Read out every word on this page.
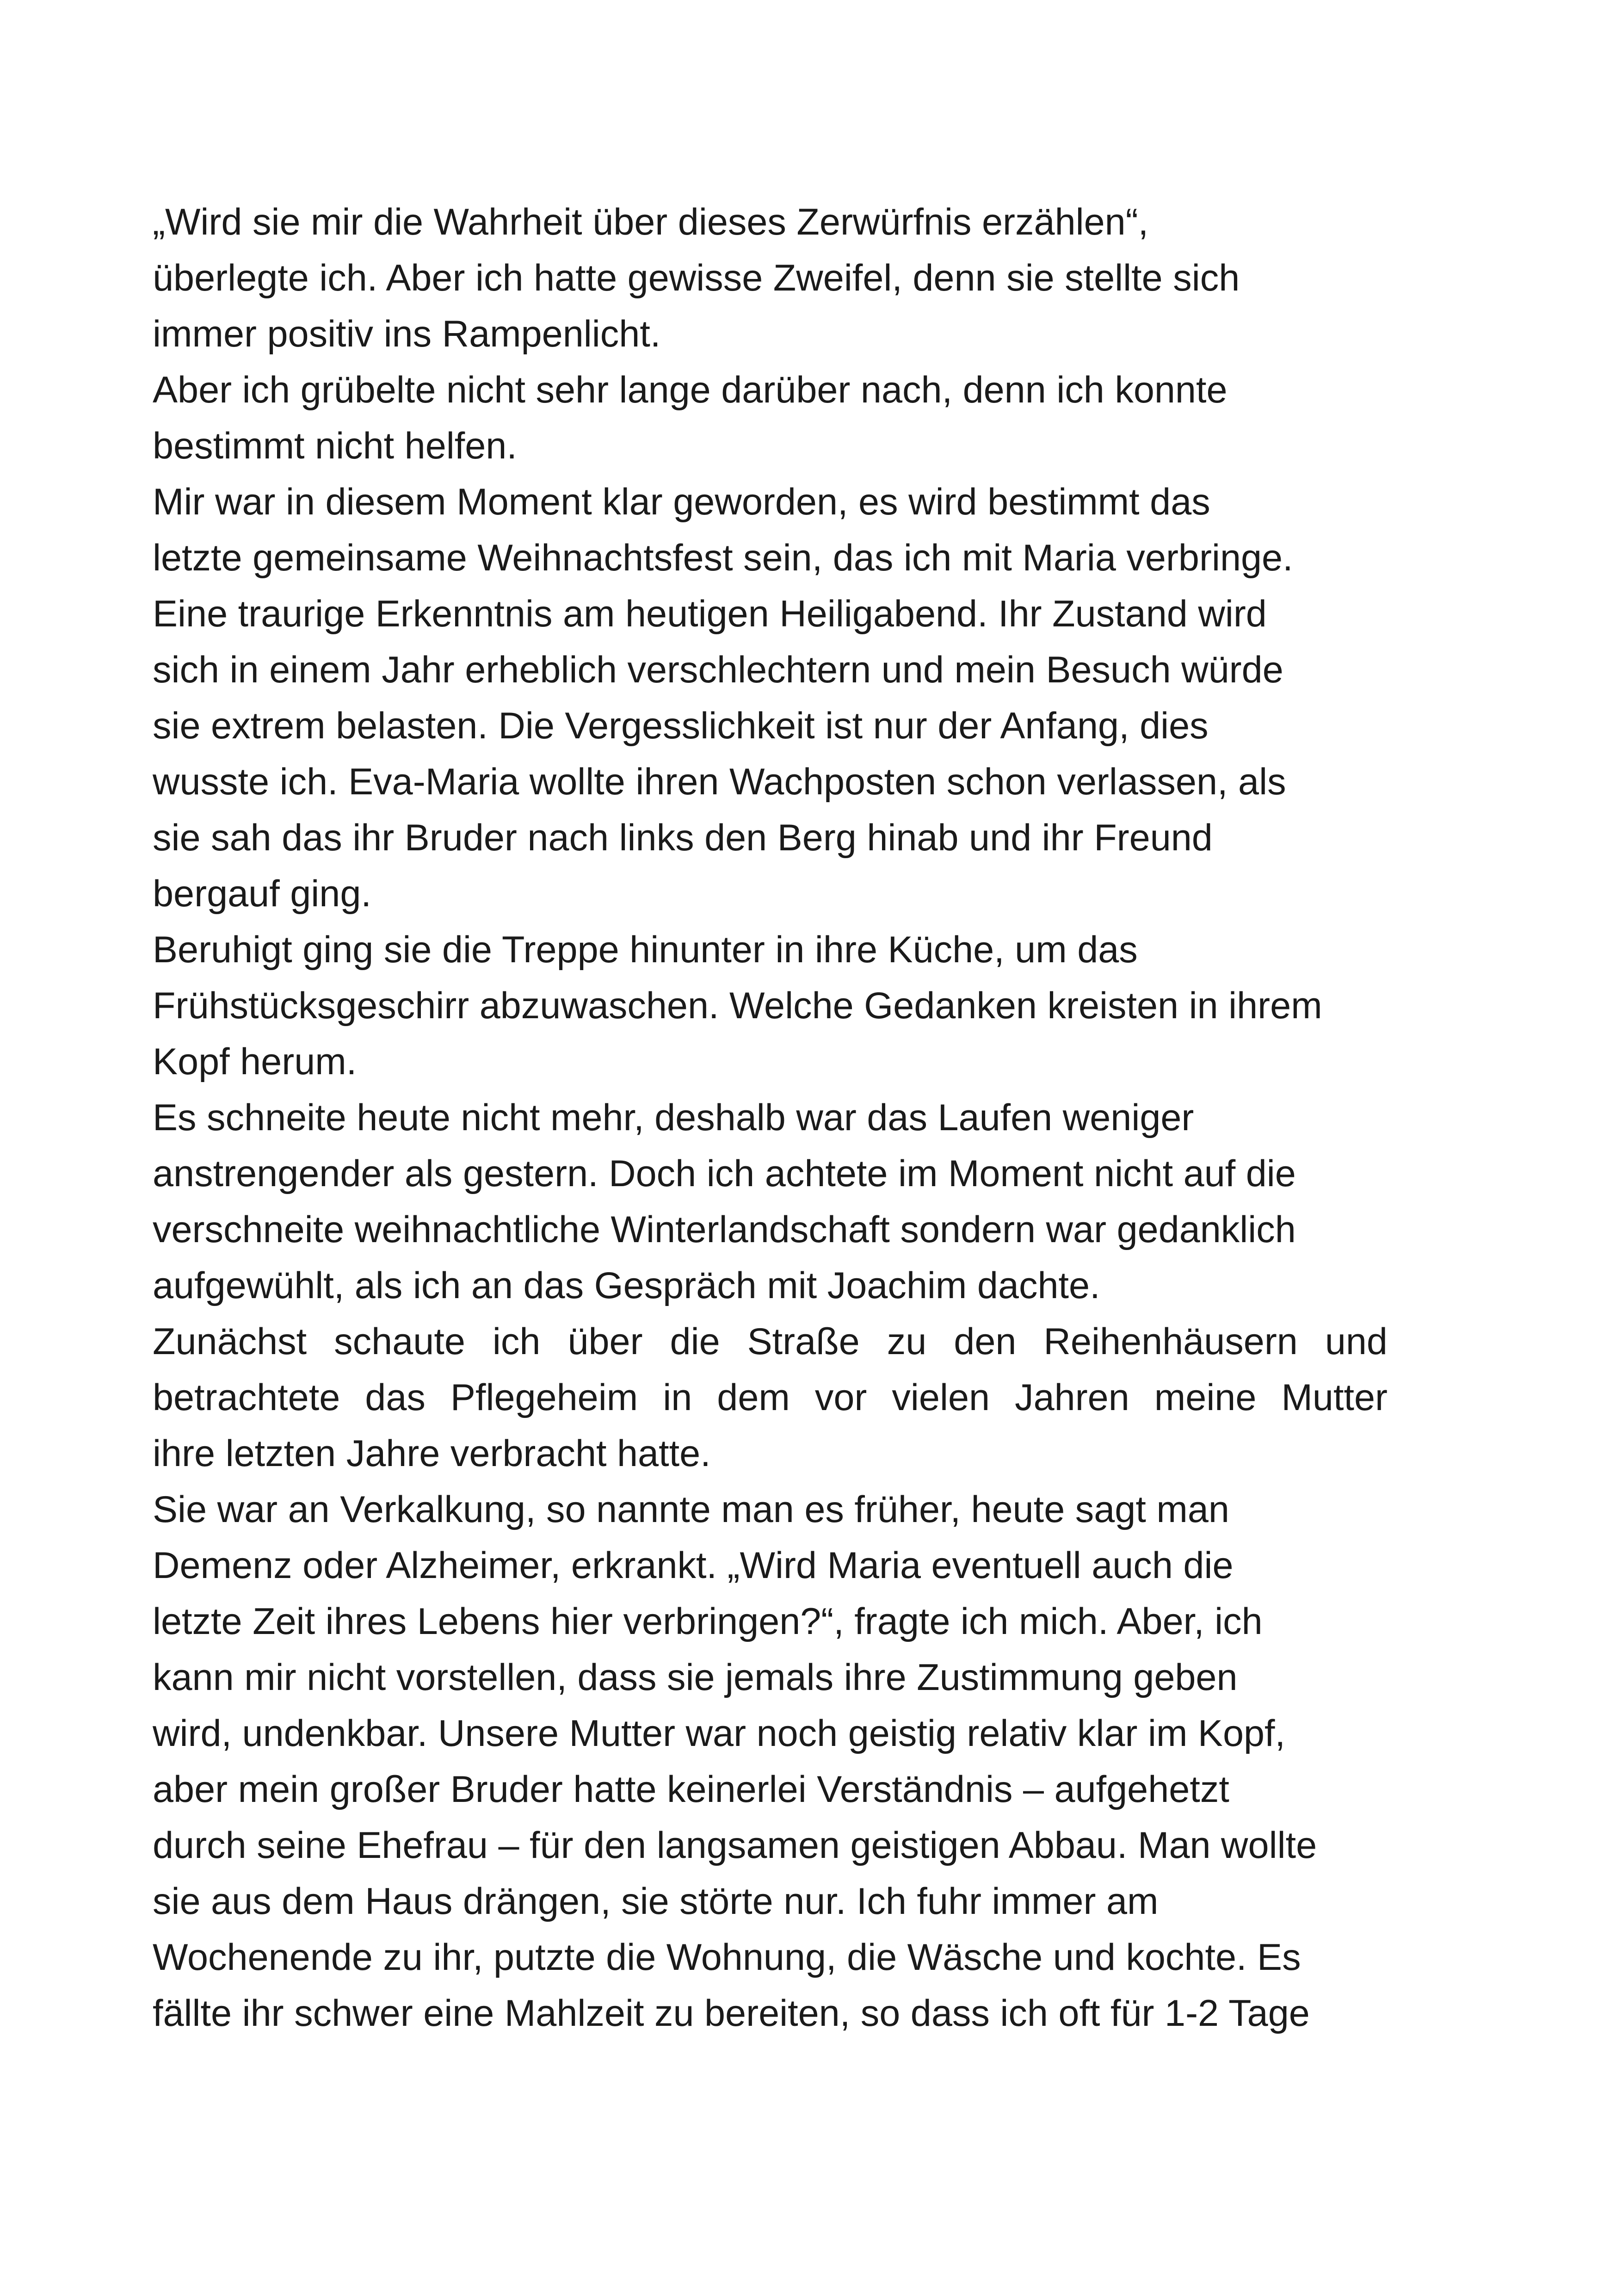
„Wird sie mir die Wahrheit über dieses Zerwürfnis erzählen“,
überlegte ich. Aber ich hatte gewisse Zweifel, denn sie stellte sich
immer positiv ins Rampenlicht.
Aber ich grübelte nicht sehr lange darüber nach, denn ich konnte
bestimmt nicht helfen.
Mir war in diesem Moment klar geworden, es wird bestimmt das
letzte gemeinsame Weihnachtsfest sein, das ich mit Maria verbringe.
Eine traurige Erkenntnis am heutigen Heiligabend. Ihr Zustand wird
sich in einem Jahr erheblich verschlechtern und mein Besuch würde
sie extrem belasten. Die Vergesslichkeit ist nur der Anfang, dies
wusste ich. Eva-Maria wollte ihren Wachposten schon verlassen, als
sie sah das ihr Bruder nach links den Berg hinab und ihr Freund
bergauf ging.
Beruhigt ging sie die Treppe hinunter in ihre Küche, um das
Frühstücksgeschirr abzuwaschen. Welche Gedanken kreisten in ihrem
Kopf herum.
Es schneite heute nicht mehr, deshalb war das Laufen weniger
anstrengender als gestern. Doch ich achtete im Moment nicht auf die
verschneite weihnachtliche Winterlandschaft sondern war gedanklich
aufgewühlt, als ich an das Gespräch mit Joachim dachte.
Zunächst schaute ich über die Straße zu den Reihenhäusern und
betrachtete das Pflegeheim in dem vor vielen Jahren meine Mutter
ihre letzten Jahre verbracht hatte.
Sie war an Verkalkung, so nannte man es früher, heute sagt man
Demenz oder Alzheimer, erkrankt. „Wird Maria eventuell auch die
letzte Zeit ihres Lebens hier verbringen?“, fragte ich mich. Aber, ich
kann mir nicht vorstellen, dass sie jemals ihre Zustimmung geben
wird, undenkbar. Unsere Mutter war noch geistig relativ klar im Kopf,
aber mein großer Bruder hatte keinerlei Verständnis – aufgehetzt
durch seine Ehefrau – für den langsamen geistigen Abbau. Man wollte
sie aus dem Haus drängen, sie störte nur. Ich fuhr immer am
Wochenende zu ihr, putzte die Wohnung, die Wäsche und kochte. Es
fällte ihr schwer eine Mahlzeit zu bereiten, so dass ich oft für 1-2 Tage
